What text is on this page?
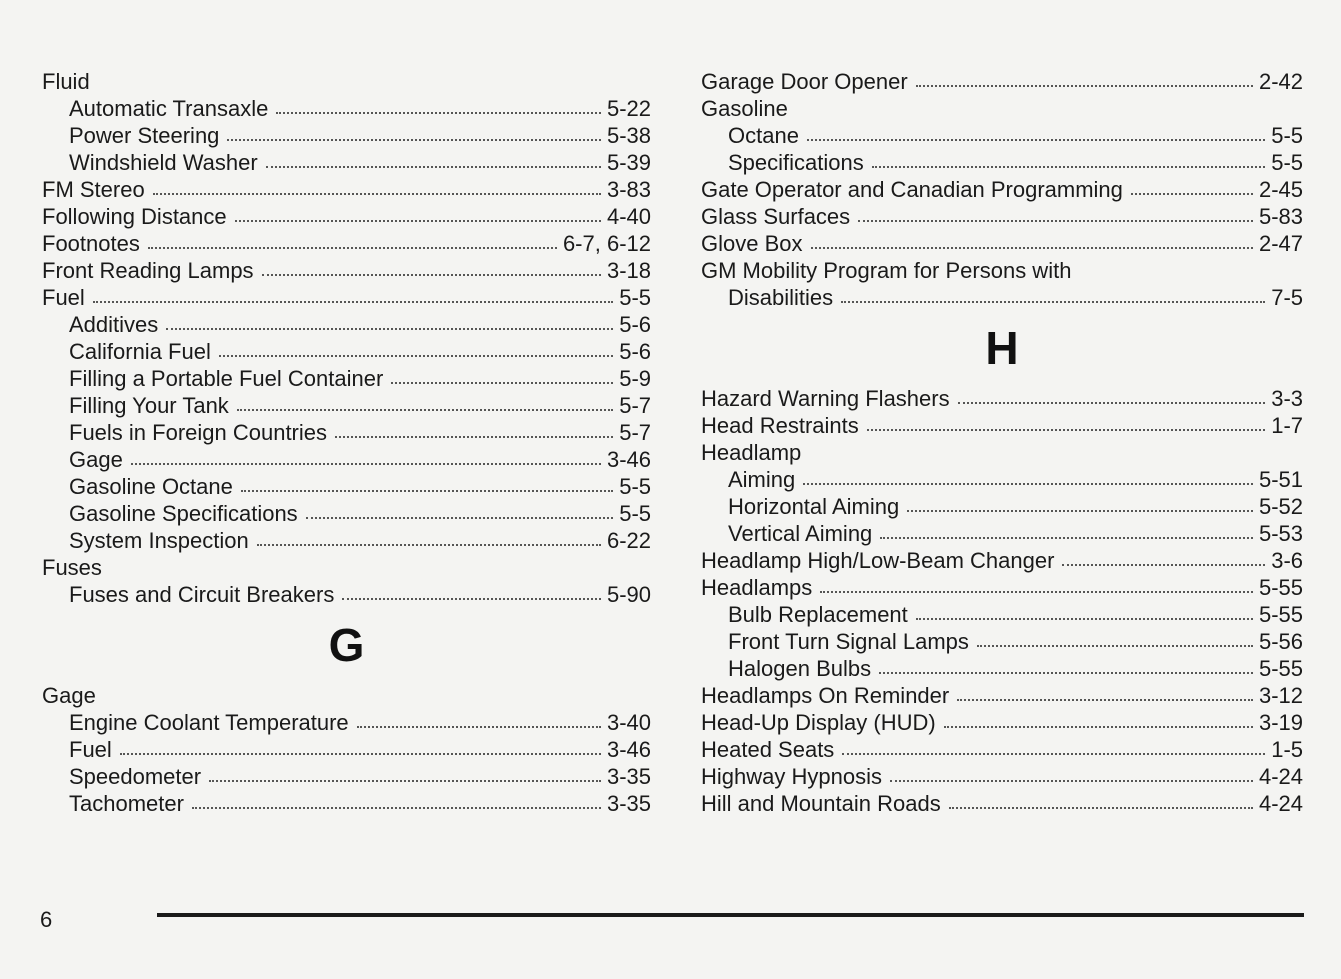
Fluid
Automatic Transaxle	5-22
Power Steering	5-38
Windshield Washer	5-39
FM Stereo	3-83
Following Distance	4-40
Footnotes	6-7, 6-12
Front Reading Lamps	3-18
Fuel	5-5
Additives	5-6
California Fuel	5-6
Filling a Portable Fuel Container	5-9
Filling Your Tank	5-7
Fuels in Foreign Countries	5-7
Gage	3-46
Gasoline Octane	5-5
Gasoline Specifications	5-5
System Inspection	6-22
Fuses
Fuses and Circuit Breakers	5-90
G
Gage
Engine Coolant Temperature	3-40
Fuel	3-46
Speedometer	3-35
Tachometer	3-35
Garage Door Opener	2-42
Gasoline
Octane	5-5
Specifications	5-5
Gate Operator and Canadian Programming	2-45
Glass Surfaces	5-83
Glove Box	2-47
GM Mobility Program for Persons with
Disabilities	7-5
H
Hazard Warning Flashers	3-3
Head Restraints	1-7
Headlamp
Aiming	5-51
Horizontal Aiming	5-52
Vertical Aiming	5-53
Headlamp High/Low-Beam Changer	3-6
Headlamps	5-55
Bulb Replacement	5-55
Front Turn Signal Lamps	5-56
Halogen Bulbs	5-55
Headlamps On Reminder	3-12
Head-Up Display (HUD)	3-19
Heated Seats	1-5
Highway Hypnosis	4-24
Hill and Mountain Roads	4-24
6
